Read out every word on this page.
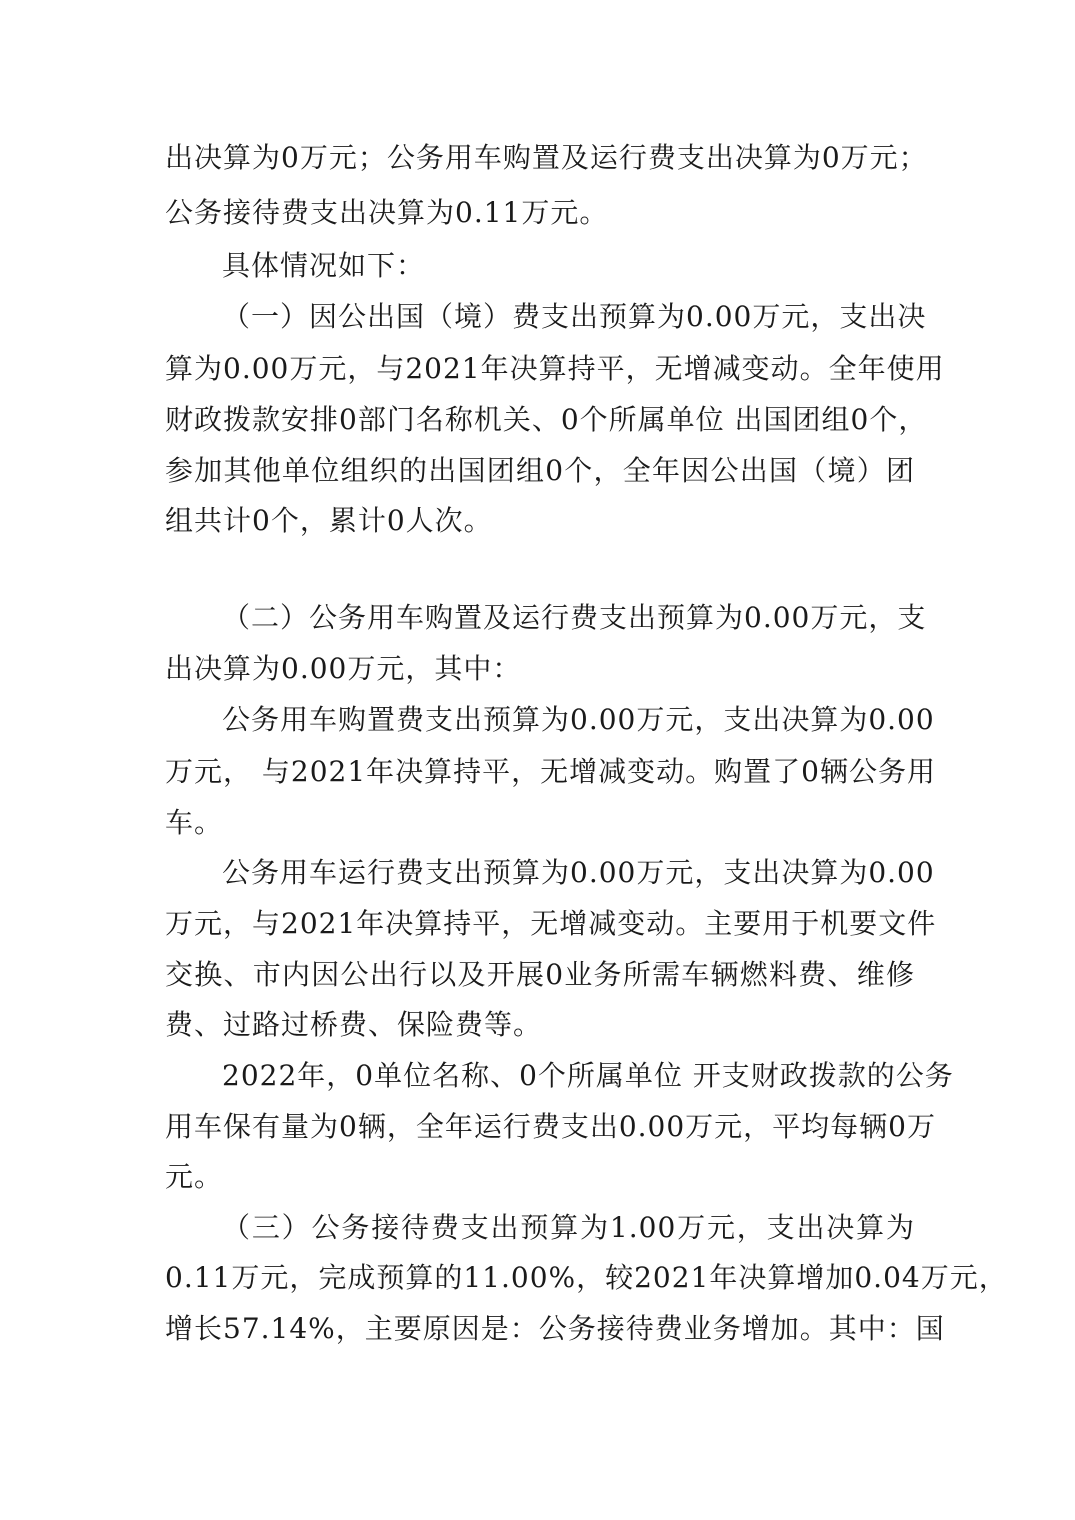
出决算为0万元；公务用车购置及运行费支出决算为0万元；
公务接待费支出决算为0.11万元。
具体情况如下：
（一）因公出国（境）费支出预算为0.00万元，支出决
算为0.00万元，与2021年决算持平，无增减变动。全年使用
财政拨款安排0部门名称机关、0个所属单位 出国团组0个，
参加其他单位组织的出国团组0个，全年因公出国（境）团
组共计0个，累计0人次。
（二）公务用车购置及运行费支出预算为0.00万元，支
出决算为0.00万元，其中：
公务用车购置费支出预算为0.00万元，支出决算为0.00
万元， 与2021年决算持平，无增减变动。购置了0辆公务用
车。
公务用车运行费支出预算为0.00万元，支出决算为0.00
万元，与2021年决算持平，无增减变动。主要用于机要文件
交换、市内因公出行以及开展0业务所需车辆燃料费、维修
费、过路过桥费、保险费等。
2022年，0单位名称、0个所属单位 开支财政拨款的公务
用车保有量为0辆，全年运行费支出0.00万元，平均每辆0万
元。
（三）公务接待费支出预算为1.00万元，支出决算为
0.11万元，完成预算的11.00%，较2021年决算增加0.04万元，
增长57.14%，主要原因是：公务接待费业务增加。其中：国
